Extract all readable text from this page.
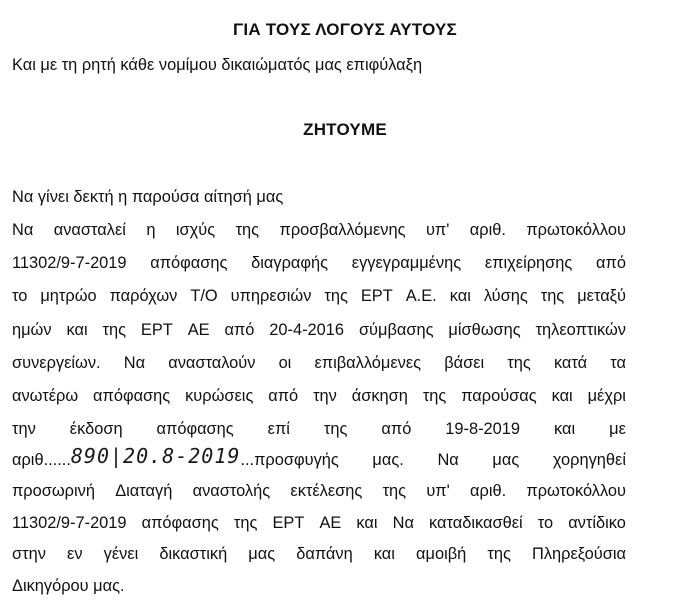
ΓΙΑ ΤΟΥΣ ΛΟΓΟΥΣ ΑΥΤΟΥΣ
Και με τη ρητή κάθε νομίμου δικαιώματός μας επιφύλαξη
ΖΗΤΟΥΜΕ
Να γίνει δεκτή η παρούσα αίτησή μας
Να ανασταλεί η ισχύς της προσβαλλόμενης υπ' αριθ. πρωτοκόλλου
11302/9-7-2019 απόφασης διαγραφής εγγεγραμμένης επιχείρησης από
το μητρώο παρόχων Τ/Ο υπηρεσιών της ΕΡΤ Α.Ε. και λύσης της μεταξύ
ημών και της ΕΡΤ ΑΕ από 20-4-2016 σύμβασης μίσθωσης τηλεοπτικών
συνεργείων. Να ανασταλούν οι επιβαλλόμενες βάσει της κατά τα
ανωτέρω απόφασης κυρώσεις από την άσκηση της παρούσας και μέχρι
την έκδοση απόφασης επί της από 19-8-2019 και με
αριθ......890|20.8-2019...προσφυγής μας. Να μας χορηγηθεί
προσωρινή Διαταγή αναστολής εκτέλεσης της υπ' αριθ. πρωτοκόλλου
11302/9-7-2019 απόφασης της ΕΡΤ ΑΕ και Να καταδικασθεί το αντίδικο
στην εν γένει δικαστική μας δαπάνη και αμοιβή της Πληρεξούσια
Δικηγόρου μας.
